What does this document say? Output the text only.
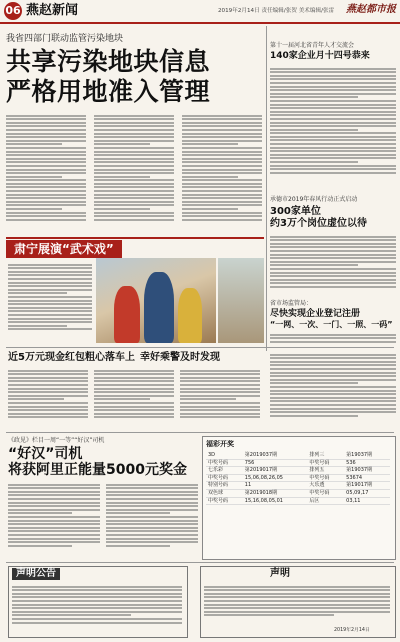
06 燕赵新闻	2019年2月14日 责任编辑/张贺 美术编辑/张雷 燕赵都市报
我省四部门联动监管污染地块
共享污染地块信息
严格用地准入管理
第十一届河北省青年人才交流会
140家企业月十四号恭来
承德市2019年春风行动正式启动
300家单位
约3万个岗位虚位以待
省市场监管局：
尽快实现企业登记注册
“一网、一次、一门、一照、一码”
肃宁展演“武术戏”
近5万元现金红包粗心落车上 幸好乘警及时发现
《政见》栏目一周“一等”“好汉”司机
“好汉”司机
将获阿里正能量5000元奖金
福彩开奖
3D	第2019037期	排列三	第19037期
中奖号码	756	中奖号码	536
七乐彩	第2019017期	排列五	第19037期
中奖号码	15,06,08,26,05	中奖号码	53674
特别号码	11	大乐透	第19017期
双色球	第2019018期	中奖号码	05,09,17
中奖号码	15,16,08,05,01	后区	03,11
声明公告	声明
2019年2月14日
